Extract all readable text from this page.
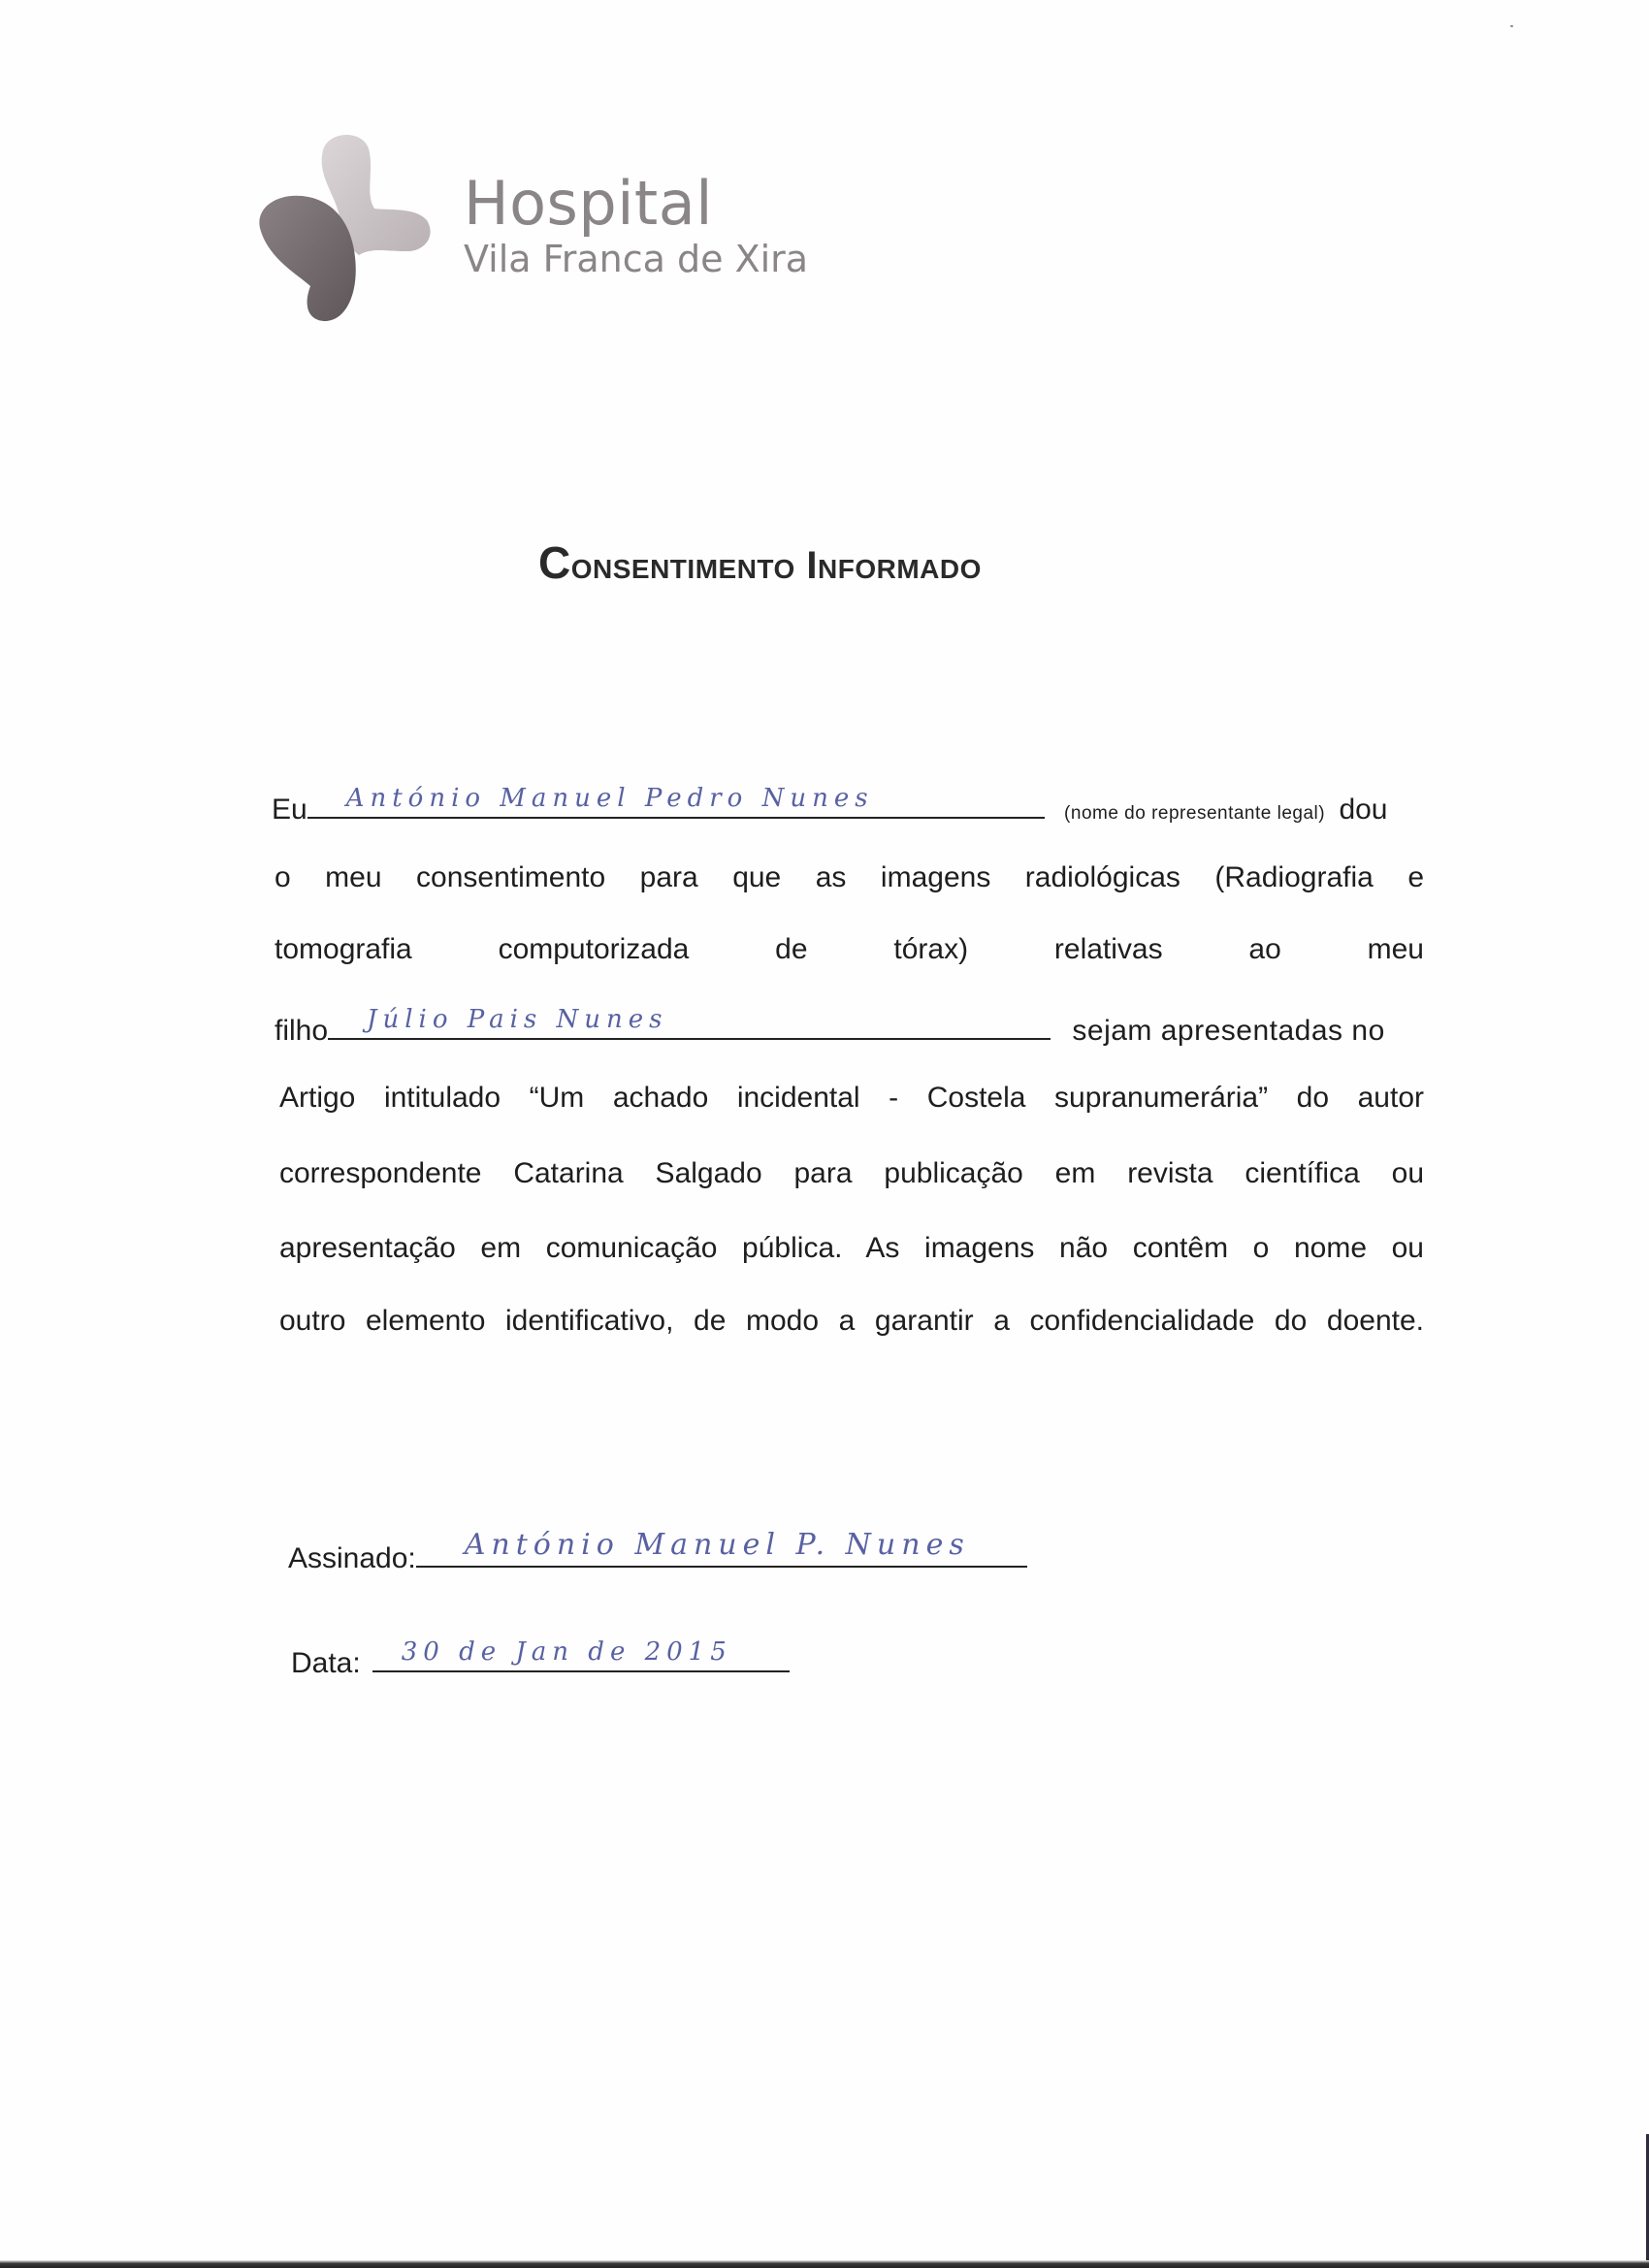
Hospital
Vila Franca de Xira
Consentimento Informado
Eu António Manuel Pedro Nunes
(nome do representante legal) dou
o meu consentimento para que as imagens radiológicas (Radiografia e
tomografia computorizada de tórax) relativas ao meu
filho Júlio Pais Nunes	sejam apresentadas no
Artigo intitulado “Um achado incidental - Costela supranumerária” do autor
correspondente Catarina Salgado para publicação em revista científica ou
apresentação em comunicação pública. As imagens não contêm o nome ou
outro elemento identificativo, de modo a garantir a confidencialidade do doente.
Assinado: António Manuel P. Nunes
Data: 30 de Jan de 2015
